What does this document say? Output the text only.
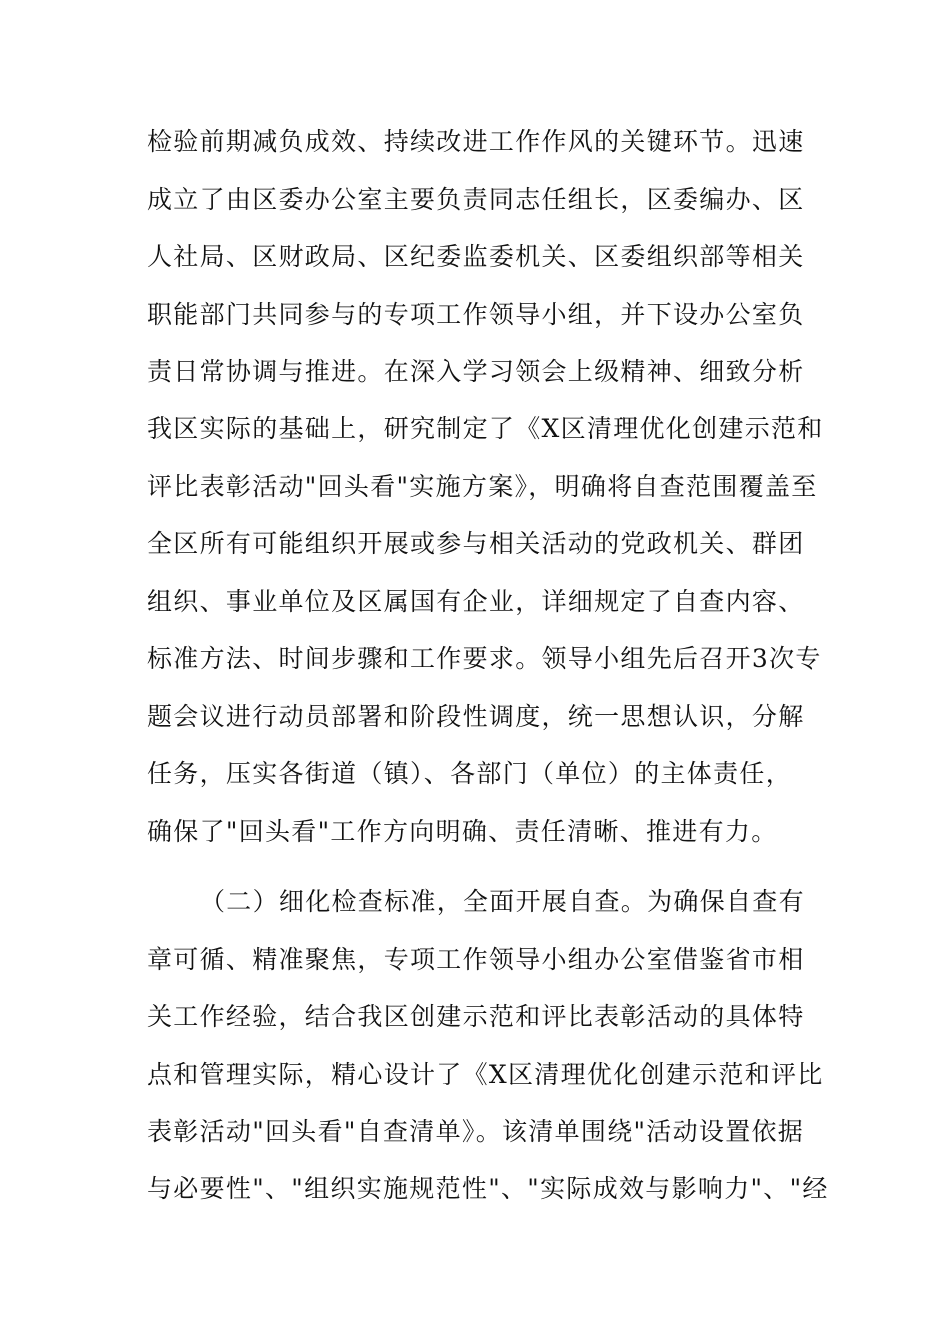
检验前期减负成效、持续改进工作作风的关键环节。迅速
成立了由区委办公室主要负责同志任组长，区委编办、区
人社局、区财政局、区纪委监委机关、区委组织部等相关
职能部门共同参与的专项工作领导小组，并下设办公室负
责日常协调与推进。在深入学习领会上级精神、细致分析
我区实际的基础上，研究制定了《X区清理优化创建示范和
评比表彰活动"回头看"实施方案》，明确将自查范围覆盖至
全区所有可能组织开展或参与相关活动的党政机关、群团
组织、事业单位及区属国有企业，详细规定了自查内容、
标准方法、时间步骤和工作要求。领导小组先后召开3次专
题会议进行动员部署和阶段性调度，统一思想认识，分解
任务，压实各街道（镇）、各部门（单位）的主体责任，
确保了"回头看"工作方向明确、责任清晰、推进有力。
（二）细化检查标准，全面开展自查。为确保自查有
章可循、精准聚焦，专项工作领导小组办公室借鉴省市相
关工作经验，结合我区创建示范和评比表彰活动的具体特
点和管理实际，精心设计了《X区清理优化创建示范和评比
表彰活动"回头看"自查清单》。该清单围绕"活动设置依据
与必要性"、"组织实施规范性"、"实际成效与影响力"、"经
